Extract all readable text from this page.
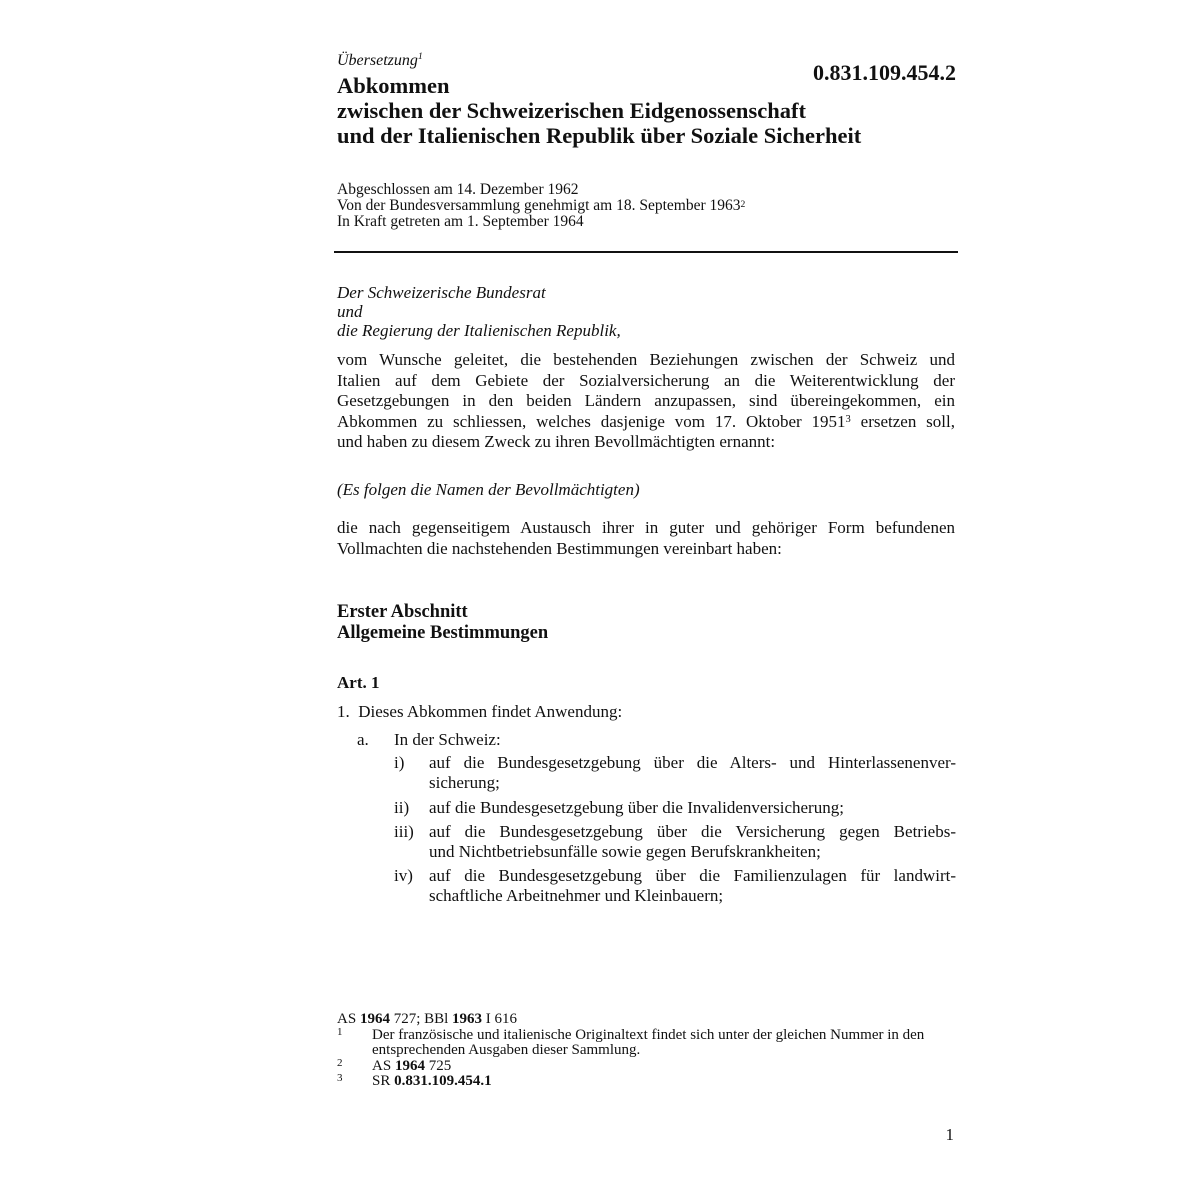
Übersetzung$^1$
0.831.109.454.2
Abkommen
zwischen der Schweizerischen Eidgenossenschaft
und der Italienischen Republik über Soziale Sicherheit
Abgeschlossen am 14. Dezember 1962
Von der Bundesversammlung genehmigt am 18. September 1963$^2$
In Kraft getreten am 1. September 1964
Der Schweizerische Bundesrat
und
die Regierung der Italienischen Republik,
vom Wunsche geleitet, die bestehenden Beziehungen zwischen der Schweiz und
Italien auf dem Gebiete der Sozialversicherung an die Weiterentwicklung der
Gesetzgebungen in den beiden Ländern anzupassen, sind übereingekommen, ein
Abkommen zu schliessen, welches dasjenige vom 17. Oktober 1951$^3$ ersetzen soll,
und haben zu diesem Zweck zu ihren Bevollmächtigten ernannt:
(Es folgen die Namen der Bevollmächtigten)
die nach gegenseitigem Austausch ihrer in guter und gehöriger Form befundenen
Vollmachten die nachstehenden Bestimmungen vereinbart haben:
Erster Abschnitt
Allgemeine Bestimmungen
Art. 1
1.  Dieses Abkommen findet Anwendung:
a. In der Schweiz:
i) auf die Bundesgesetzgebung über die Alters- und Hinterlassenenver-
sicherung;
ii) auf die Bundesgesetzgebung über die Invalidenversicherung;
iii) auf die Bundesgesetzgebung über die Versicherung gegen Betriebs-
und Nichtbetriebsunfälle sowie gegen Berufskrankheiten;
iv) auf die Bundesgesetzgebung über die Familienzulagen für landwirt-
schaftliche Arbeitnehmer und Kleinbauern;
AS 1964 727; BBl 1963 I 616
1 Der französische und italienische Originaltext findet sich unter der gleichen Nummer in den entsprechenden Ausgaben dieser Sammlung.
2 AS 1964 725
3 SR 0.831.109.454.1
1
